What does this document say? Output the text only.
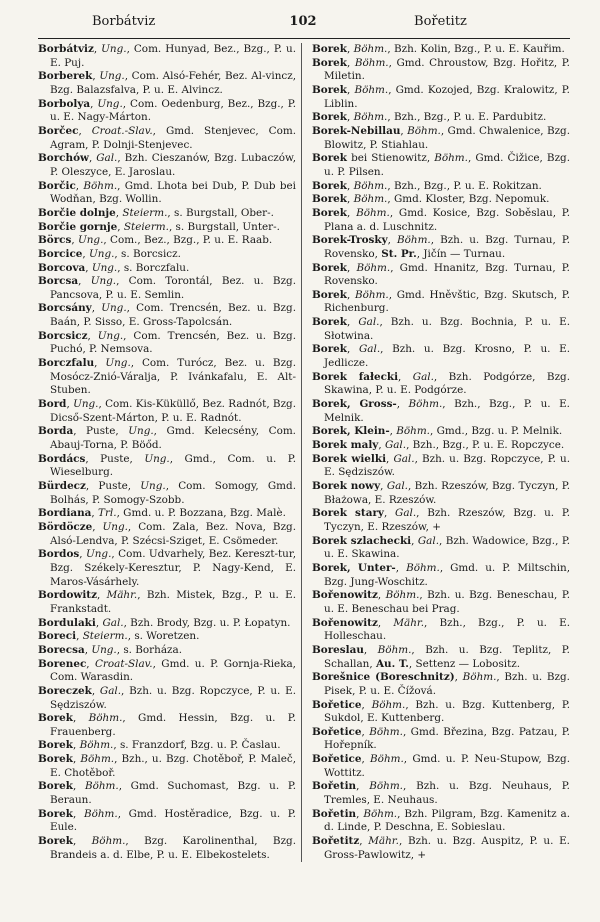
Borbátviz	102	Bořetitz
Borbátviz, Ung., Com. Hunyad, Bez., Bzg., P. u. E. Puj.
Borberek, Ung., Com. Alsó-Fehér, Bez. Al-vincz, Bzg. Balazsfalva, P. u. E. Alvincz.
Borbolya, Ung., Com. Oedenburg, Bez., Bzg., P. u. E. Nagy-Márton.
Borčec, Croat.-Slav., Gmd. Stenjevec, Com. Agram, P. Dolnji-Stenjevec.
Borchów, Gal., Bzh. Cieszanów, Bzg. Lubaczów, P. Oleszyce, E. Jaroslau.
Borčic, Böhm., Gmd. Lhota bei Dub, P. Dub bei Wodňan, Bzg. Wollin.
Borčie dolnje, Steierm., s. Burgstall, Ober-.
Borčie gornje, Steierm., s. Burgstall, Unter-.
Börcs, Ung., Com., Bez., Bzg., P. u. E. Raab.
Borcice, Ung., s. Borcsicz.
Borcova, Ung., s. Borczfalu.
Borcsa, Ung., Com. Torontál, Bez. u. Bzg. Pancsova, P. u. E. Semlin.
Borcsány, Ung., Com. Trencsén, Bez. u. Bzg. Baán, P. Sisso, E. Gross-Tapolcsán.
Borcsicz, Ung., Com. Trencsén, Bez. u. Bzg. Puchó, P. Nemsova.
Borczfalu, Ung., Com. Turócz, Bez. u. Bzg. Mosócz-Zniό-Váralja, P. Ivánkafalu, E. Alt-Stuben.
Bord, Ung., Com. Kis-Küküllő, Bez. Radnót, Bzg. Dicső-Szent-Márton, P. u. E. Radnót.
Borda, Puste, Ung., Gmd. Kelecsény, Com. Abauj-Torna, P. Böőd.
Bordács, Puste, Ung., Gmd., Com. u. P. Wieselburg.
Bürdecz, Puste, Ung., Com. Somogy, Gmd. Bolhás, P. Somogy-Szobb.
Bordiana, Trl., Gmd. u. P. Bozzana, Bzg. Malè.
Bördöcze, Ung., Com. Zala, Bez. Nova, Bzg. Alsó-Lendva, P. Szécsi-Sziget, E. Csömeder.
Bordos, Ung., Com. Udvarhely, Bez. Kereszt-tur, Bzg. Székely-Keresztur, P. Nagy-Kend, E. Maros-Vásárhely.
Bordowitz, Mähr., Bzh. Mistek, Bzg., P. u. E. Frankstadt.
Bordulaki, Gal., Bzh. Brody, Bzg. u. P. Łopatyn.
Boreci, Steierm., s. Woretzen.
Borecsa, Ung., s. Borháza.
Borenec, Croat-Slav., Gmd. u. P. Gornja-Rieka, Com. Warasdin.
Boreczek, Gal., Bzh. u. Bzg. Ropczyce, P. u. E. Sędziszów.
Borek, Böhm., Gmd. Hessin, Bzg. u. P. Frauenberg.
Borek, Böhm., s. Franzdorf, Bzg. u. P. Časlau.
Borek, Böhm., Bzh., u. Bzg. Chotěboř, P. Maleč, E. Chotěboř.
Borek, Böhm., Gmd. Suchomast, Bzg. u. P. Beraun.
Borek, Böhm., Gmd. Hostěradice, Bzg. u. P. Eule.
Borek, Böhm., Bzg. Karolinenthal, Bzg. Brandeis a. d. Elbe, P. u. E. Elbekostelets.
Borek, Böhm., Bzh. Kolin, Bzg., P. u. E. Kauřim.
Borek, Böhm., Gmd. Chroustow, Bzg. Hořitz, P. Miletin.
Borek, Böhm., Gmd. Kozojed, Bzg. Kralowitz, P. Liblin.
Borek, Böhm., Bzh., Bzg., P. u. E. Pardubitz.
Borek-Nebillau, Böhm., Gmd. Chwalenice, Bzg. Blowitz, P. Stiahlau.
Borek bei Stienowitz, Böhm., Gmd. Čižice, Bzg. u. P. Pilsen.
Borek, Böhm., Bzh., Bzg., P. u. E. Rokitzan.
Borek, Böhm., Gmd. Kloster, Bzg. Nepomuk.
Borek, Böhm., Gmd. Kosice, Bzg. Soběslau, P. Plana a. d. Luschnitz.
Borek-Trosky, Böhm., Bzh. u. Bzg. Turnau, P. Rovensko, St. Pr., Jičín — Turnau.
Borek, Böhm., Gmd. Hnanitz, Bzg. Turnau, P. Rovensko.
Borek, Böhm., Gmd. Hněvštic, Bzg. Skutsch, P. Richenburg.
Borek, Gal., Bzh. u. Bzg. Bochnia, P. u. E. Słotwina.
Borek, Gal., Bzh. u. Bzg. Krosno, P. u. E. Jedlicze.
Borek fałecki, Gal., Bzh. Podgórze, Bzg. Skawina, P. u. E. Podgórze.
Borek, Gross-, Böhm., Bzh., Bzg., P. u. E. Melnik.
Borek, Klein-, Böhm., Gmd., Bzg. u. P. Melnik.
Borek maly, Gal., Bzh., Bzg., P. u. E. Ropczyce.
Borek wielki, Gal., Bzh. u. Bzg. Ropczyce, P. u. E. Sędziszów.
Borek nowy, Gal., Bzh. Rzeszów, Bzg. Tyczyn, P. Błażowa, E. Rzeszów.
Borek stary, Gal., Bzh. Rzeszów, Bzg. u. P. Tyczyn, E. Rzeszów, +
Borek szlachecki, Gal., Bzh. Wadowice, Bzg., P. u. E. Skawina.
Borek, Unter-, Böhm., Gmd. u. P. Miltschin, Bzg. Jung-Woschitz.
Bořenowitz, Böhm., Bzh. u. Bzg. Beneschau, P. u. E. Beneschau bei Prag.
Bořenowitz, Mähr., Bzh., Bzg., P. u. E. Holleschau.
Boreslau, Böhm., Bzh. u. Bzg. Teplitz, P. Schallan, Au. T., Settenz — Lobositz.
Borešnice (Boreschnitz), Böhm., Bzh. u. Bzg. Pisek, P. u. E. Čížová.
Bořetice, Böhm., Bzh. u. Bzg. Kuttenberg, P. Sukdol, E. Kuttenberg.
Bořetice, Böhm., Gmd. Březina, Bzg. Patzau, P. Hořepník.
Bořetice, Böhm., Gmd. u. P. Neu-Stupow, Bzg. Wottitz.
Bořetin, Böhm., Bzh. u. Bzg. Neuhaus, P. Tremles, E. Neuhaus.
Bořetin, Böhm., Bzh. Pilgram, Bzg. Kamenitz a. d. Linde, P. Deschna, E. Sobieslau.
Bořetitz, Mähr., Bzh. u. Bzg. Auspitz, P. u. E. Gross-Pawlowitz, +
